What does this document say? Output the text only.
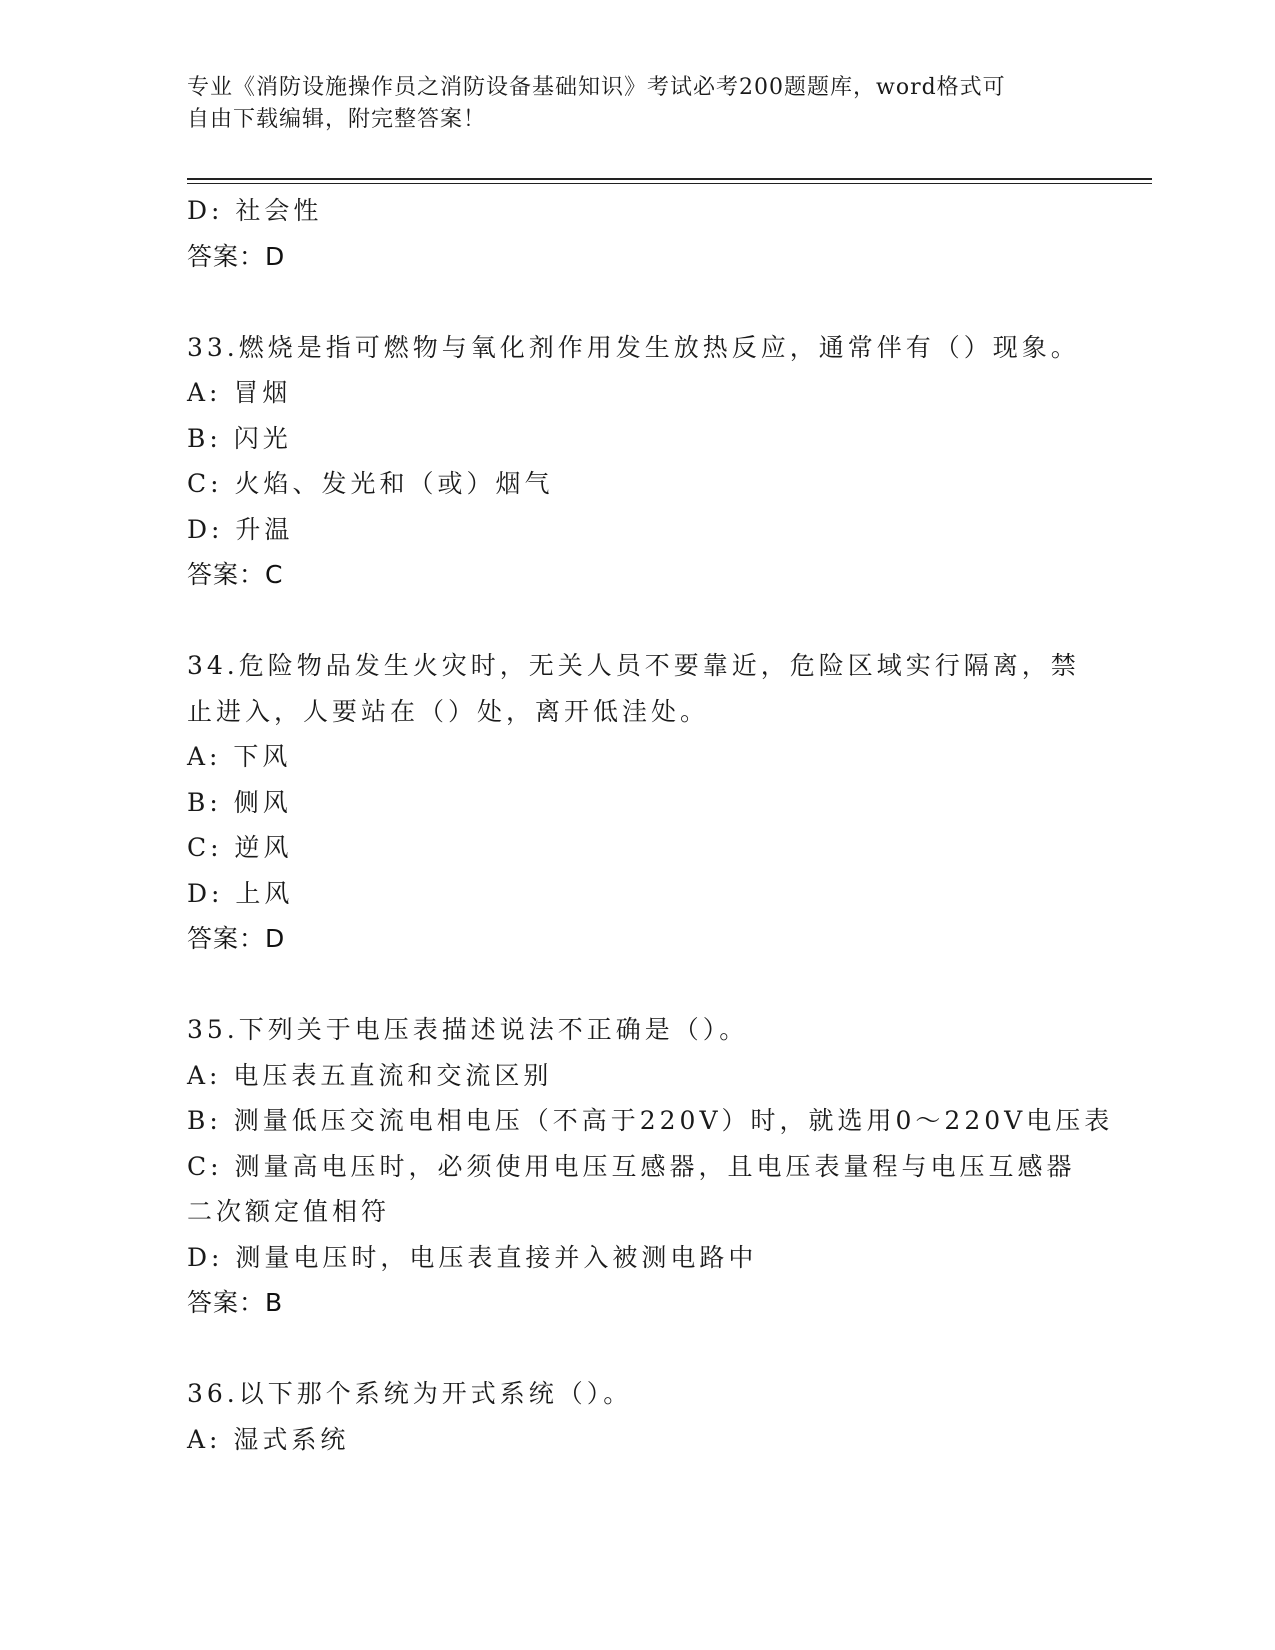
专业《消防设施操作员之消防设备基础知识》考试必考200题题库，word格式可
自由下载编辑，附完整答案！
D: 社会性
答案：D
33.燃烧是指可燃物与氧化剂作用发生放热反应，通常伴有（）现象。
A: 冒烟
B: 闪光
C: 火焰、发光和（或）烟气
D: 升温
答案：C
34.危险物品发生火灾时，无关人员不要靠近，危险区域实行隔离，禁
止进入，人要站在（）处，离开低洼处。
A: 下风
B: 侧风
C: 逆风
D: 上风
答案：D
35.下列关于电压表描述说法不正确是（）。
A: 电压表五直流和交流区别
B: 测量低压交流电相电压（不高于220V）时，就选用0～220V电压表
C: 测量高电压时，必须使用电压互感器，且电压表量程与电压互感器
二次额定值相符
D: 测量电压时，电压表直接并入被测电路中
答案：B
36.以下那个系统为开式系统（）。
A: 湿式系统
